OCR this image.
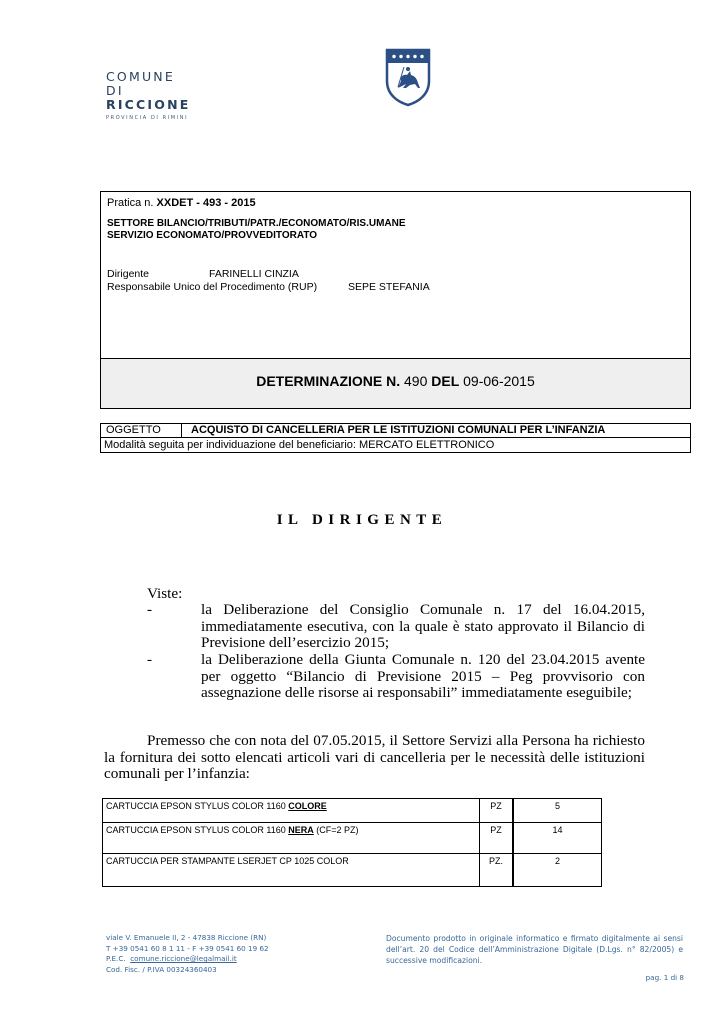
COMUNE DI
RICCIONE
PROVINCIA DI RIMINI
Pratica n. XXDET - 493 - 2015
SETTORE BILANCIO/TRIBUTI/PATR./ECONOMATO/RIS.UMANE
SERVIZIO ECONOMATO/PROVVEDITORATO
Dirigente	FARINELLI CINZIA
Responsabile Unico del Procedimento (RUP)	SEPE STEFANIA
DETERMINAZIONE N. 490 DEL 09-06-2015
OGGETTO	ACQUISTO DI CANCELLERIA PER LE ISTITUZIONI COMUNALI PER L’INFANZIA
Modalità seguita per individuazione del beneficiario: MERCATO ELETTRONICO
IL DIRIGENTE
Viste:
-	la Deliberazione del Consiglio Comunale n. 17 del 16.04.2015, immediatamente esecutiva, con la quale è stato approvato il Bilancio di Previsione dell’esercizio 2015;
-	la Deliberazione della Giunta Comunale n. 120 del 23.04.2015 avente per oggetto “Bilancio di Previsione 2015 – Peg provvisorio con assegnazione delle risorse ai responsabili” immediatamente eseguibile;
Premesso che con nota del 07.05.2015, il Settore Servizi alla Persona ha richiesto la fornitura dei sotto elencati articoli vari di cancelleria per le necessità delle istituzioni comunali per l’infanzia:
CARTUCCIA EPSON STYLUS COLOR 1160 COLORE	PZ	5
CARTUCCIA EPSON STYLUS COLOR 1160 NERA (CF=2 PZ)	PZ	14
CARTUCCIA PER STAMPANTE LSERJET CP 1025 COLOR	PZ.	2
viale V. Emanuele II, 2 - 47838 Riccione (RN)
T +39 0541 60 8 1 11 - F +39 0541 60 19 62
P.E.C. comune.riccione@legalmail.it
Cod. Fisc. / P.IVA 00324360403
Documento prodotto in originale informatico e firmato digitalmente ai sensi dell’art. 20 del Codice dell’Amministrazione Digitale (D.Lgs. n° 82/2005) e successive modificazioni.
pag. 1 di 8
